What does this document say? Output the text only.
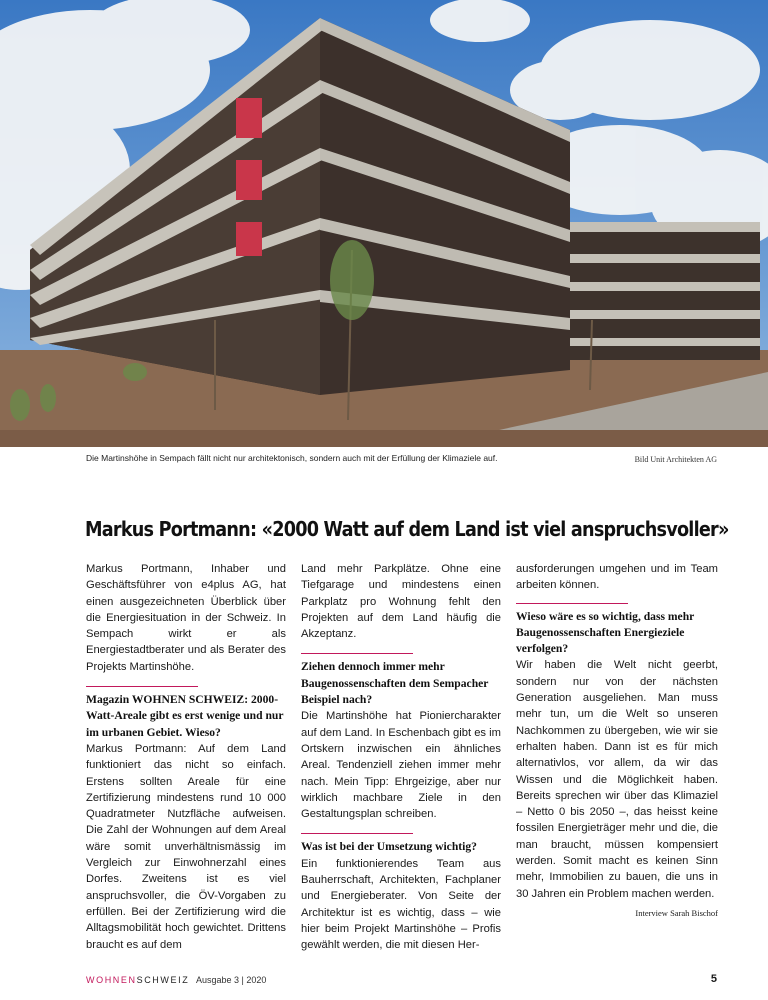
Die Martinshöhe in Sempach fällt nicht nur architektonisch, sondern auch mit der Erfüllung der Klimaziele auf.	Bild Unit Architekten AG
Markus Portmann: «2000 Watt auf dem Land ist viel anspruchsvoller»

Markus Portmann, Inhaber und Geschäftsführer von e4plus AG, hat einen ausgezeichneten Überblick über die Energiesituation in der Schweiz. In Sempach wirkt er als Energiestadtberater und als Berater des Projekts Martinshöhe.

Magazin WOHNEN SCHWEIZ: 2000-Watt-Areale gibt es erst wenige und nur im urbanen Gebiet. Wieso?

Markus Portmann: Auf dem Land funktioniert das nicht so einfach. Erstens sollten Areale für eine Zertifizierung mindestens rund 10 000 Quadratmeter Nutzfläche aufweisen. Die Zahl der Wohnungen auf dem Areal wäre somit unverhältnismässig im Vergleich zur Einwohnerzahl eines Dorfes. Zweitens ist es viel anspruchsvoller, die ÖV-Vorgaben zu erfüllen. Bei der Zertifizierung wird die Alltagsmobilität hoch gewichtet. Drittens braucht es auf dem

Land mehr Parkplätze. Ohne eine Tiefgarage und mindestens einen Parkplatz pro Wohnung fehlt den Projekten auf dem Land häufig die Akzeptanz.

Ziehen dennoch immer mehr Baugenossenschaften dem Sempacher Beispiel nach?

Die Martinshöhe hat Pioniercharakter auf dem Land. In Eschenbach gibt es im Ortskern inzwischen ein ähnliches Areal. Tendenziell ziehen immer mehr nach. Mein Tipp: Ehrgeizige, aber nur wirklich machbare Ziele in den Gestaltungsplan schreiben.

Was ist bei der Umsetzung wichtig?

Ein funktionierendes Team aus Bauherrschaft, Architekten, Fachplaner und Energieberater. Von Seite der Architektur ist es wichtig, dass – wie hier beim Projekt Martinshöhe – Profis gewählt werden, die mit diesen Her-

ausforderungen umgehen und im Team arbeiten können.

Wieso wäre es so wichtig, dass mehr Baugenossenschaften Energieziele verfolgen?

Wir haben die Welt nicht geerbt, sondern nur von der nächsten Generation ausgeliehen. Man muss mehr tun, um die Welt so unseren Nachkommen zu übergeben, wie wir sie erhalten haben. Dann ist es für mich alternativlos, vor allem, da wir das Wissen und die Möglichkeit haben. Bereits sprechen wir über das Klimaziel – Netto 0 bis 2050 –, das heisst keine fossilen Energieträger mehr und die, die man braucht, müssen kompensiert werden. Somit macht es keinen Sinn mehr, Immobilien zu bauen, die uns in 30 Jahren ein Problem machen werden.

Interview Sarah Bischof
WOHNENSCHWEIZ Ausgabe 3 | 2020	5
